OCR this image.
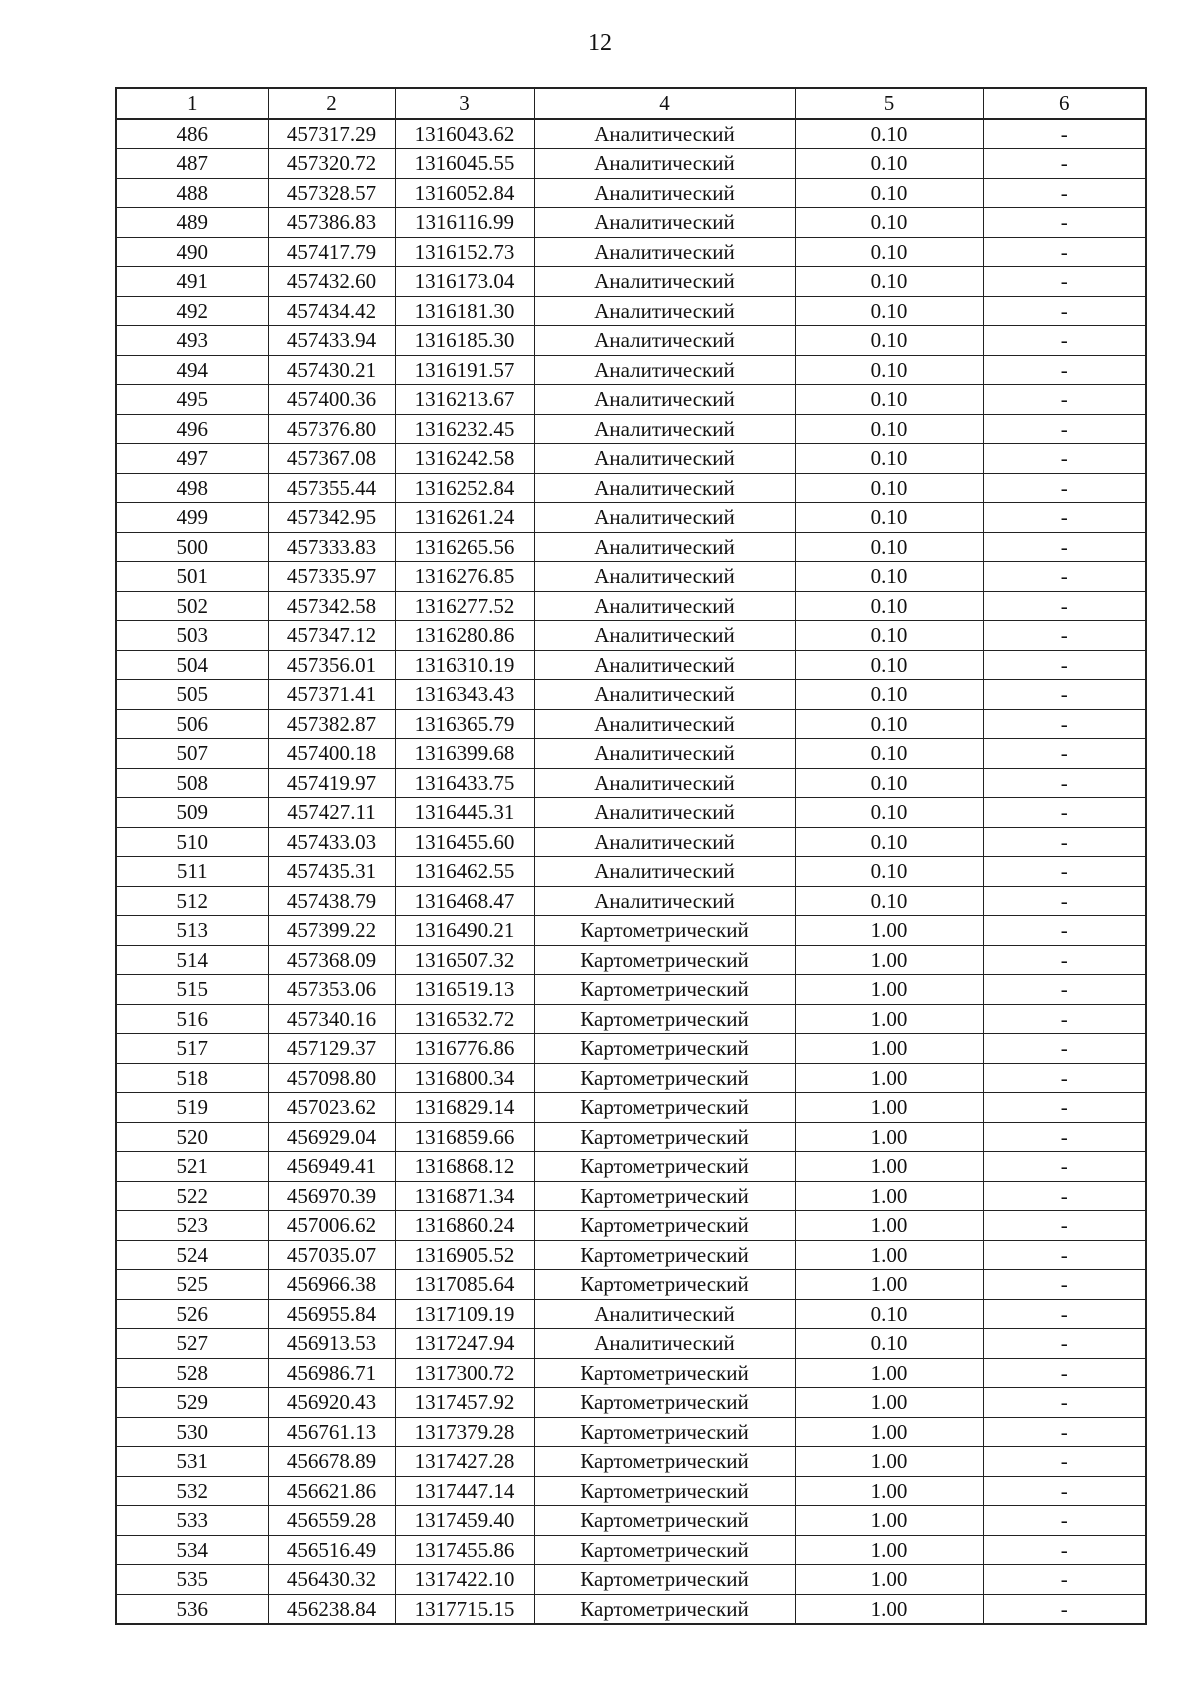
12
1	2	3	4	5	6
486	457317.29	1316043.62	Аналитический	0.10	-
487	457320.72	1316045.55	Аналитический	0.10	-
488	457328.57	1316052.84	Аналитический	0.10	-
489	457386.83	1316116.99	Аналитический	0.10	-
490	457417.79	1316152.73	Аналитический	0.10	-
491	457432.60	1316173.04	Аналитический	0.10	-
492	457434.42	1316181.30	Аналитический	0.10	-
493	457433.94	1316185.30	Аналитический	0.10	-
494	457430.21	1316191.57	Аналитический	0.10	-
495	457400.36	1316213.67	Аналитический	0.10	-
496	457376.80	1316232.45	Аналитический	0.10	-
497	457367.08	1316242.58	Аналитический	0.10	-
498	457355.44	1316252.84	Аналитический	0.10	-
499	457342.95	1316261.24	Аналитический	0.10	-
500	457333.83	1316265.56	Аналитический	0.10	-
501	457335.97	1316276.85	Аналитический	0.10	-
502	457342.58	1316277.52	Аналитический	0.10	-
503	457347.12	1316280.86	Аналитический	0.10	-
504	457356.01	1316310.19	Аналитический	0.10	-
505	457371.41	1316343.43	Аналитический	0.10	-
506	457382.87	1316365.79	Аналитический	0.10	-
507	457400.18	1316399.68	Аналитический	0.10	-
508	457419.97	1316433.75	Аналитический	0.10	-
509	457427.11	1316445.31	Аналитический	0.10	-
510	457433.03	1316455.60	Аналитический	0.10	-
511	457435.31	1316462.55	Аналитический	0.10	-
512	457438.79	1316468.47	Аналитический	0.10	-
513	457399.22	1316490.21	Картометрический	1.00	-
514	457368.09	1316507.32	Картометрический	1.00	-
515	457353.06	1316519.13	Картометрический	1.00	-
516	457340.16	1316532.72	Картометрический	1.00	-
517	457129.37	1316776.86	Картометрический	1.00	-
518	457098.80	1316800.34	Картометрический	1.00	-
519	457023.62	1316829.14	Картометрический	1.00	-
520	456929.04	1316859.66	Картометрический	1.00	-
521	456949.41	1316868.12	Картометрический	1.00	-
522	456970.39	1316871.34	Картометрический	1.00	-
523	457006.62	1316860.24	Картометрический	1.00	-
524	457035.07	1316905.52	Картометрический	1.00	-
525	456966.38	1317085.64	Картометрический	1.00	-
526	456955.84	1317109.19	Аналитический	0.10	-
527	456913.53	1317247.94	Аналитический	0.10	-
528	456986.71	1317300.72	Картометрический	1.00	-
529	456920.43	1317457.92	Картометрический	1.00	-
530	456761.13	1317379.28	Картометрический	1.00	-
531	456678.89	1317427.28	Картометрический	1.00	-
532	456621.86	1317447.14	Картометрический	1.00	-
533	456559.28	1317459.40	Картометрический	1.00	-
534	456516.49	1317455.86	Картометрический	1.00	-
535	456430.32	1317422.10	Картометрический	1.00	-
536	456238.84	1317715.15	Картометрический	1.00	-
